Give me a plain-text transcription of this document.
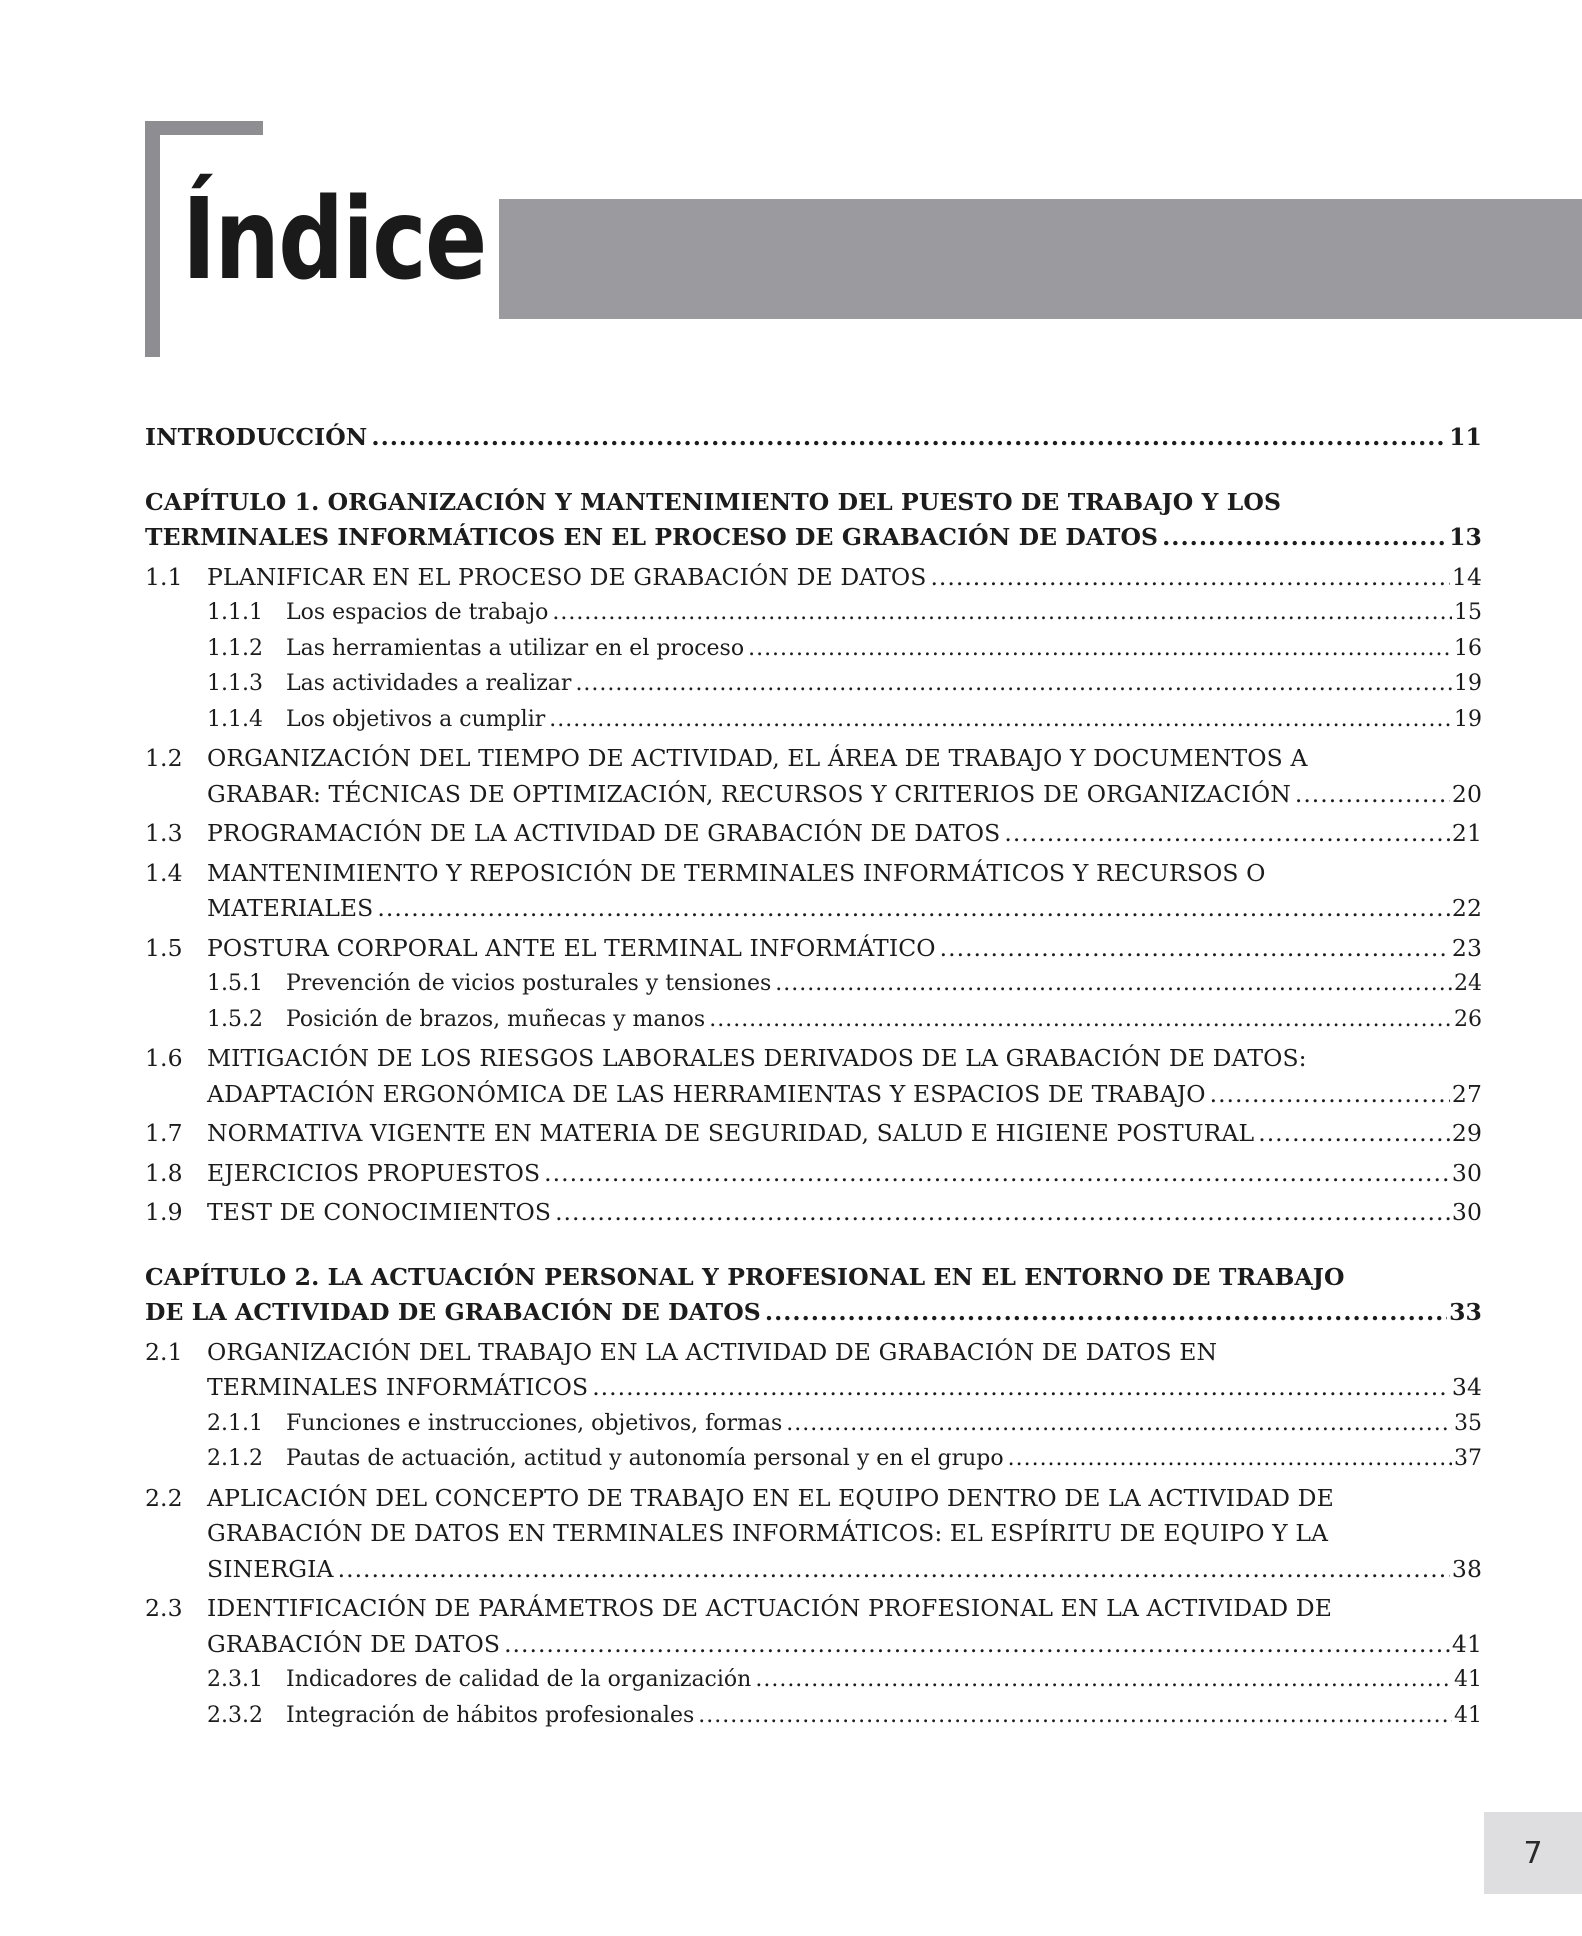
Índice
INTRODUCCIÓN .....	11
CAPÍTULO 1. ORGANIZACIÓN Y MANTENIMIENTO DEL PUESTO DE TRABAJO Y LOS
TERMINALES INFORMÁTICOS EN EL PROCESO DE GRABACIÓN DE DATOS .....	13
1.1 PLANIFICAR EN EL PROCESO DE GRABACIÓN DE DATOS .....	14
1.1.1 Los espacios de trabajo .....	15
1.1.2 Las herramientas a utilizar en el proceso .....	16
1.1.3 Las actividades a realizar .....	19
1.1.4 Los objetivos a cumplir .....	19
1.2 ORGANIZACIÓN DEL TIEMPO DE ACTIVIDAD, EL ÁREA DE TRABAJO Y DOCUMENTOS A
GRABAR: TÉCNICAS DE OPTIMIZACIÓN, RECURSOS Y CRITERIOS DE ORGANIZACIÓN .....	20
1.3 PROGRAMACIÓN DE LA ACTIVIDAD DE GRABACIÓN DE DATOS .....	21
1.4 MANTENIMIENTO Y REPOSICIÓN DE TERMINALES INFORMÁTICOS Y RECURSOS O
MATERIALES .....	22
1.5 POSTURA CORPORAL ANTE EL TERMINAL INFORMÁTICO .....	23
1.5.1 Prevención de vicios posturales y tensiones .....	24
1.5.2 Posición de brazos, muñecas y manos .....	26
1.6 MITIGACIÓN DE LOS RIESGOS LABORALES DERIVADOS DE LA GRABACIÓN DE DATOS:
ADAPTACIÓN ERGONÓMICA DE LAS HERRAMIENTAS Y ESPACIOS DE TRABAJO .....	27
1.7 NORMATIVA VIGENTE EN MATERIA DE SEGURIDAD, SALUD E HIGIENE POSTURAL .....	29
1.8 EJERCICIOS PROPUESTOS .....	30
1.9 TEST DE CONOCIMIENTOS .....	30
CAPÍTULO 2. LA ACTUACIÓN PERSONAL Y PROFESIONAL EN EL ENTORNO DE TRABAJO
DE LA ACTIVIDAD DE GRABACIÓN DE DATOS .....	33
2.1 ORGANIZACIÓN DEL TRABAJO EN LA ACTIVIDAD DE GRABACIÓN DE DATOS EN
TERMINALES INFORMÁTICOS .....	34
2.1.1 Funciones e instrucciones, objetivos, formas .....	35
2.1.2 Pautas de actuación, actitud y autonomía personal y en el grupo .....	37
2.2 APLICACIÓN DEL CONCEPTO DE TRABAJO EN EL EQUIPO DENTRO DE LA ACTIVIDAD DE
GRABACIÓN DE DATOS EN TERMINALES INFORMÁTICOS: EL ESPÍRITU DE EQUIPO Y LA
SINERGIA .....	38
2.3 IDENTIFICACIÓN DE PARÁMETROS DE ACTUACIÓN PROFESIONAL EN LA ACTIVIDAD DE
GRABACIÓN DE DATOS .....	41
2.3.1 Indicadores de calidad de la organización .....	41
2.3.2 Integración de hábitos profesionales .....	41
7
